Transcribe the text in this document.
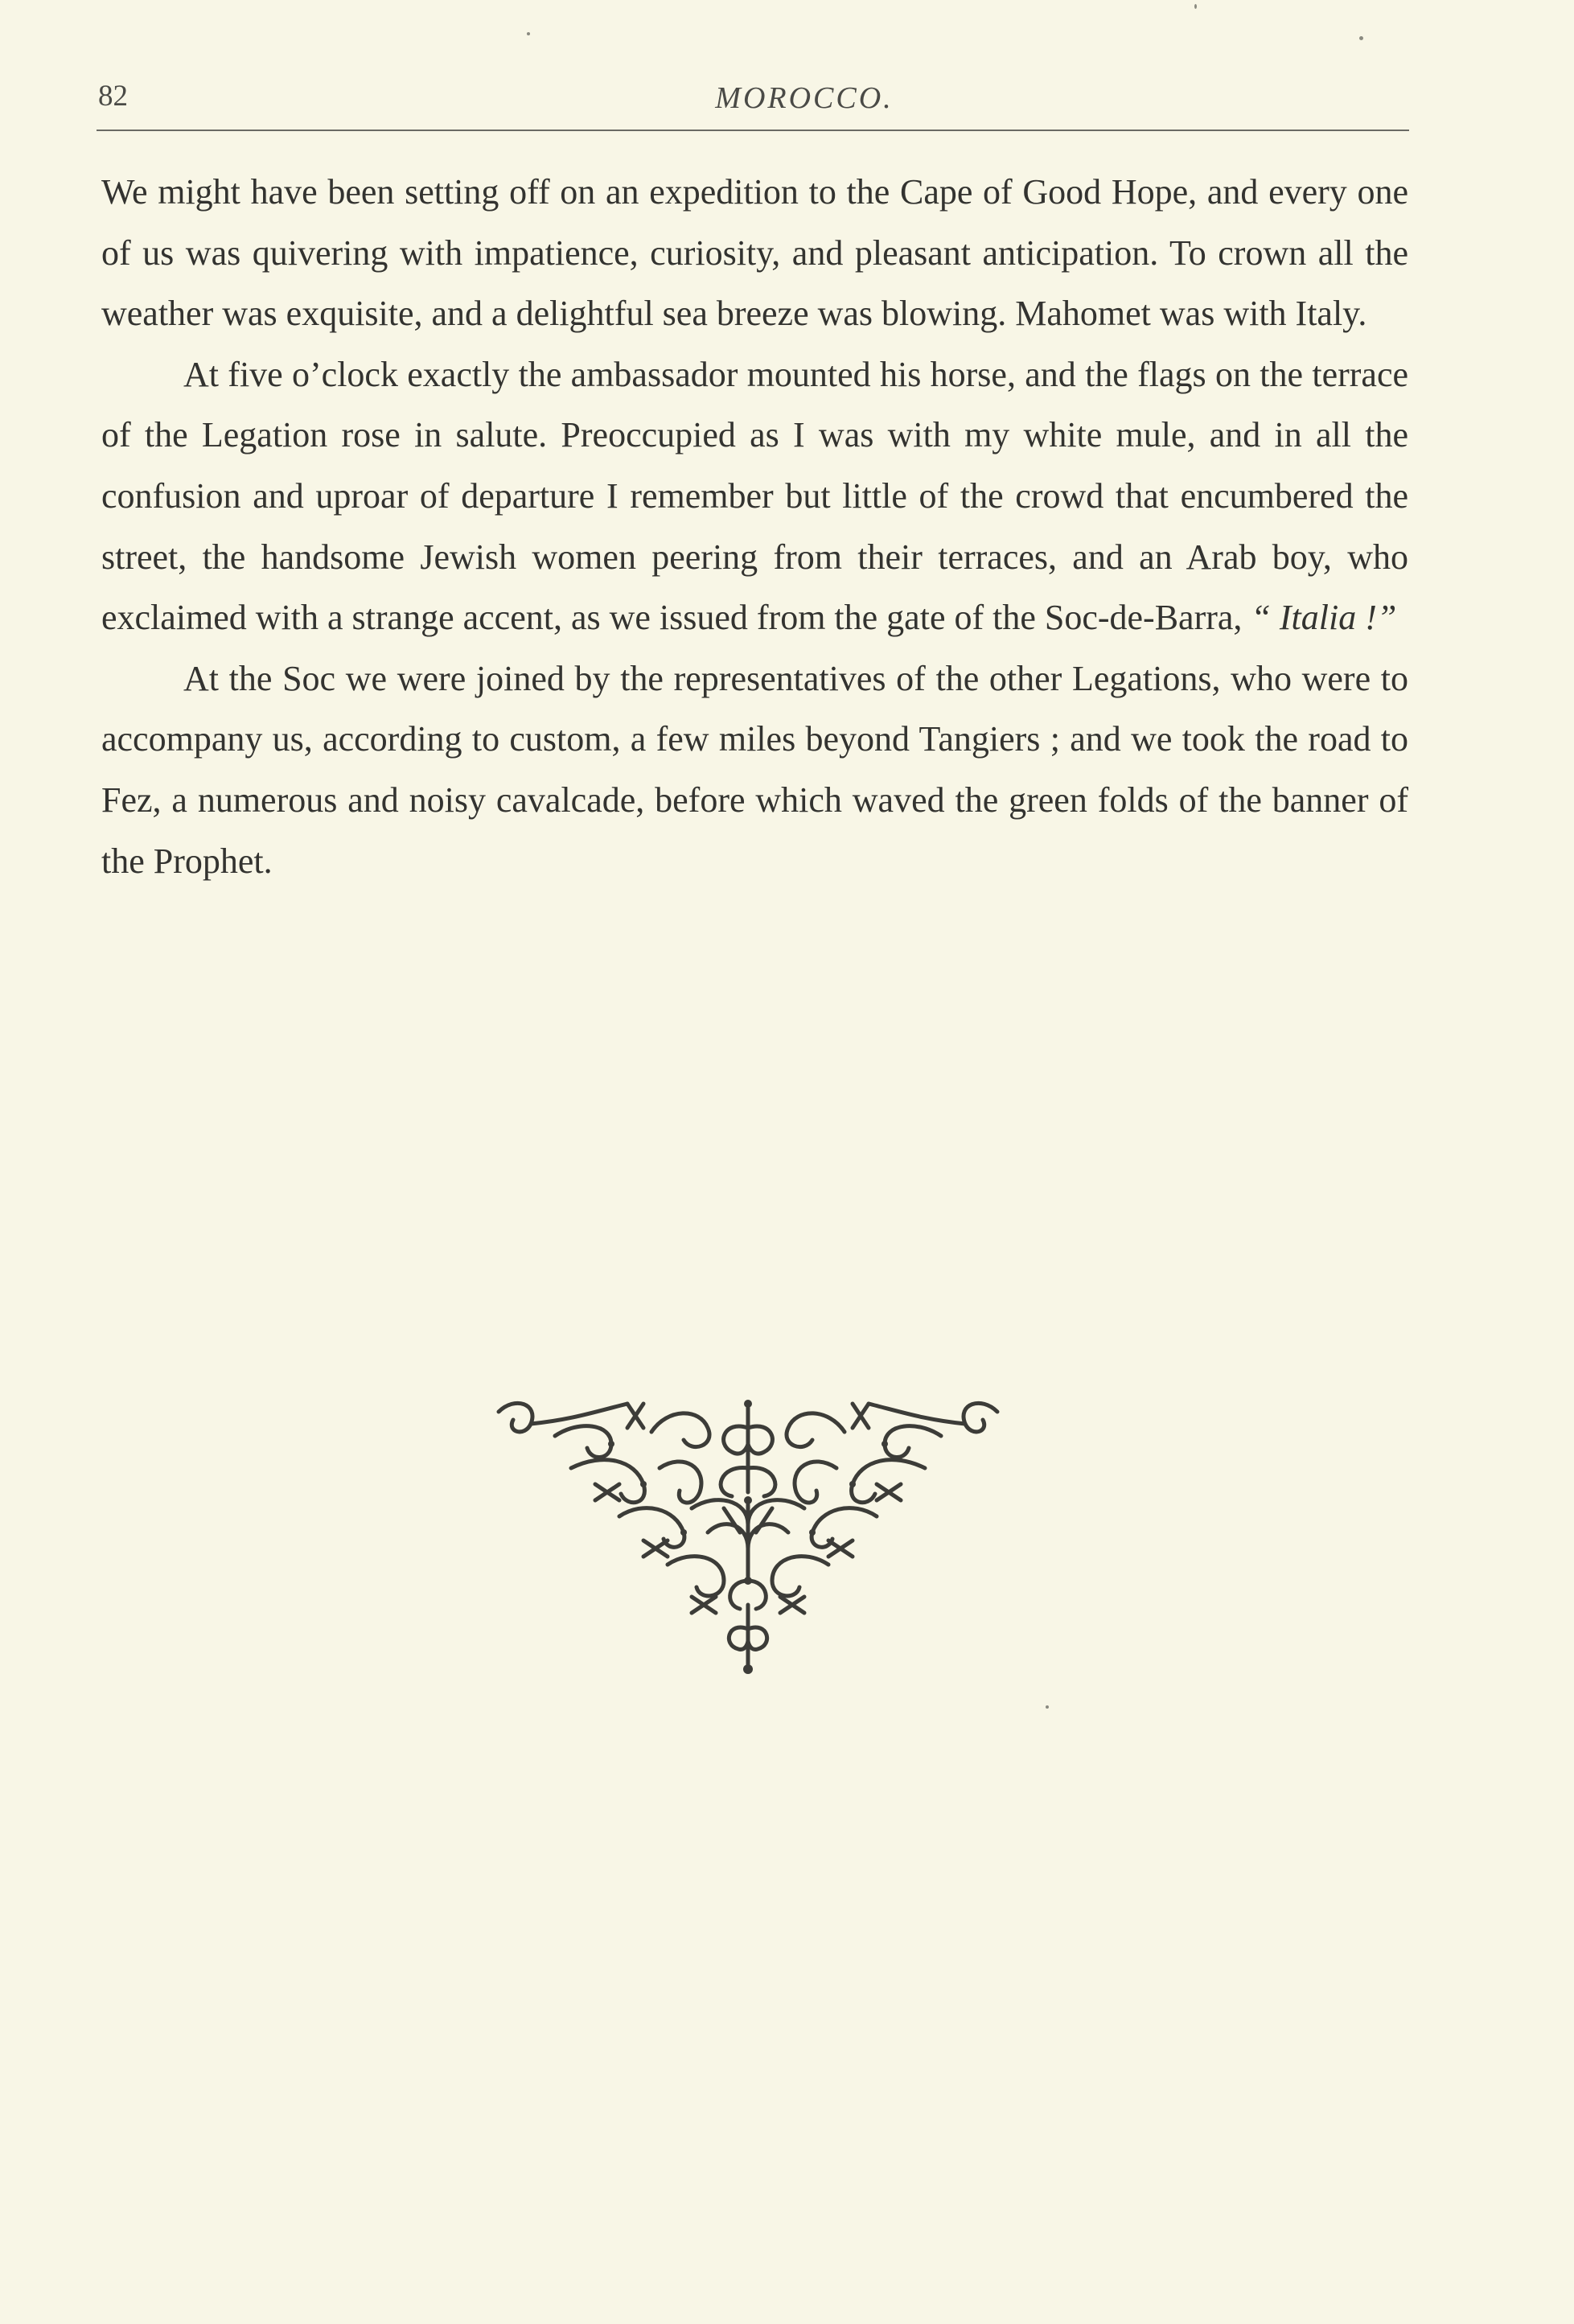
82	MOROCCO.

We might have been setting off on an expedition to the Cape of Good Hope, and every one of us was quivering with impatience, curiosity, and pleasant anticipation. To crown all the weather was exquisite, and a delightful sea breeze was blowing. Mahomet was with Italy.

At five o’clock exactly the ambassador mounted his horse, and the flags on the terrace of the Legation rose in salute. Preoccupied as I was with my white mule, and in all the confusion and uproar of departure I remember but little of the crowd that encumbered the street, the handsome Jewish women peering from their terraces, and an Arab boy, who exclaimed with a strange accent, as we issued from the gate of the Soc-de-Barra, “ Italia !”

At the Soc we were joined by the representatives of the other Legations, who were to accompany us, according to custom, a few miles beyond Tangiers ; and we took the road to Fez, a numerous and noisy cavalcade, before which waved the green folds of the banner of the Prophet.
